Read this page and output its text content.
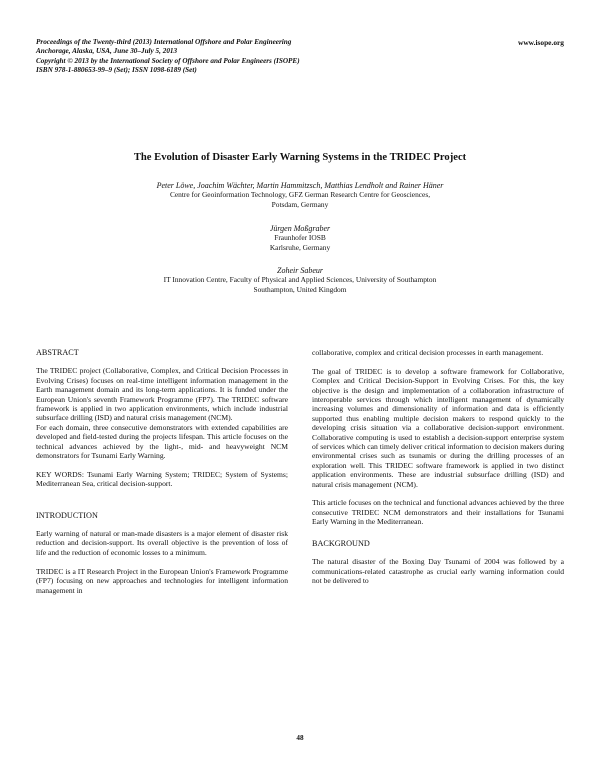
Proceedings of the Twenty-third (2013) International Offshore and Polar Engineering
Anchorage, Alaska, USA, June 30–July 5, 2013
Copyright © 2013 by the International Society of Offshore and Polar Engineers (ISOPE)
ISBN 978-1-880653-99–9 (Set); ISSN 1098-6189 (Set)
www.isope.org
The Evolution of Disaster Early Warning Systems in the TRIDEC Project
Peter Löwe, Joachim Wächter, Martin Hammitzsch, Matthias Lendholt and Rainer Häner
Centre for Geoinformation Technology, GFZ German Research Centre for Geosciences,
Potsdam, Germany
Jürgen Moßgraber
Fraunhofer IOSB
Karlsruhe, Germany
Zoheir Sabeur
IT Innovation Centre, Faculty of Physical and Applied Sciences, University of Southampton
Southampton, United Kingdom

ABSTRACT

The TRIDEC project (Collaborative, Complex, and Critical Decision Processes in Evolving Crises) focuses on real-time intelligent information management in the Earth management domain and its long-term applications. It is funded under the European Union's seventh Framework Programme (FP7). The TRIDEC software framework is applied in two application environments, which include industrial subsurface drilling (ISD) and natural crisis management (NCM).

For each domain, three consecutive demonstrators with extended capabilities are developed and field-tested during the projects lifespan. This article focuses on the technical advances achieved by the light-, mid- and heavyweight NCM demonstrators for Tsunami Early Warning.

KEY WORDS: Tsunami Early Warning System; TRIDEC; System of Systems; Mediterranean Sea, critical decision-support.

INTRODUCTION

Early warning of natural or man-made disasters is a major element of disaster risk reduction and decision-support. Its overall objective is the prevention of loss of life and the reduction of economic losses to a minimum.

TRIDEC is a IT Research Project in the European Union's Framework Programme (FP7) focusing on new approaches and technologies for intelligent information management in

collaborative, complex and critical decision processes in earth management.

The goal of TRIDEC is to develop a software framework for Collaborative, Complex and Critical Decision-Support in Evolving Crises. For this, the key objective is the design and implementation of a collaboration infrastructure of interoperable services through which intelligent management of dynamically increasing volumes and dimensionality of information and data is efficiently supported thus enabling multiple decision makers to respond quickly to the developing crisis situation via a collaborative decision-support environment. Collaborative computing is used to establish a decision-support enterprise system of services which can timely deliver critical information to decision makers during environmental crises such as tsunamis or during the drilling processes of an exploration well. This TRIDEC software framework is applied in two distinct application environments. These are industrial subsurface drilling (ISD) and natural crisis management (NCM).

This article focuses on the technical and functional advances achieved by the three consecutive TRIDEC NCM demonstrators and their installations for Tsunami Early Warning in the Mediterranean.

BACKGROUND

The natural disaster of the Boxing Day Tsunami of 2004 was followed by a communications-related catastrophe as crucial early warning information could not be delivered to

48
